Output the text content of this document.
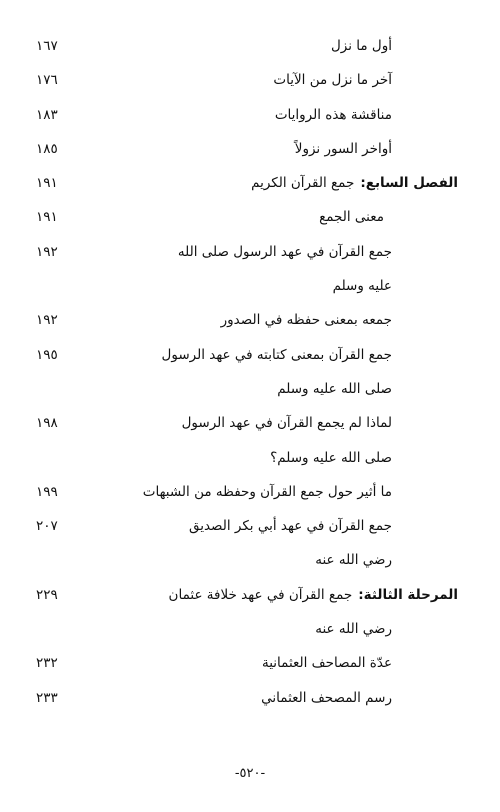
أول ما نزل
١٦٧
آخر ما نزل من الآيات
١٧٦
مناقشة هذه الروايات
١٨٣
أواخر السور نزولاً
١٨٥
الفصل السابع:جمع القرآن الكريم
١٩١
معنى الجمع
١٩١
جمع القرآن في عهد الرسول صلى الله
١٩٢
عليه وسلم
جمعه بمعنى حفظه في الصدور
١٩٢
جمع القرآن بمعنى كتابته في عهد الرسول
١٩٥
صلى الله عليه وسلم
لماذا لم يجمع القرآن في عهد الرسول
١٩٨
صلى الله عليه وسلم؟
ما أثير حول جمع القرآن وحفظه من الشبهات
١٩٩
جمع القرآن في عهد أبي بكر الصديق
٢٠٧
رضي الله عنه
المرحلة الثالثة:جمع القرآن في عهد خلافة عثمان
٢٢٩
رضي الله عنه
عدّة المصاحف العثمانية
٢٣٢
رسم المصحف العثماني
٢٣٣
-٥٢٠-
